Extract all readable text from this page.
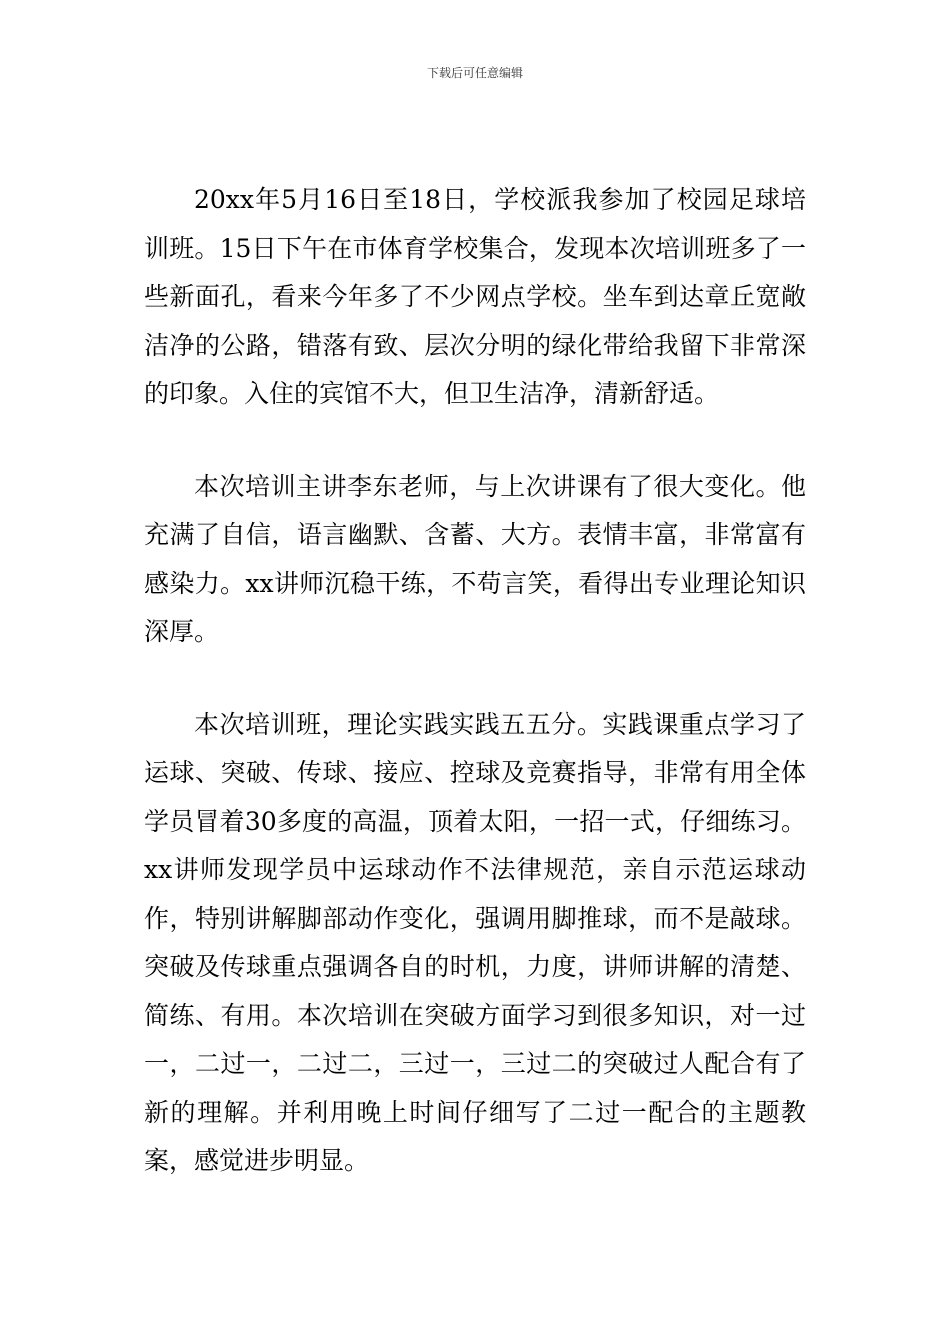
下载后可任意编辑

20xx年5月16日至18日，学校派我参加了校园足球培训班。15日下午在市体育学校集合，发现本次培训班多了一些新面孔，看来今年多了不少网点学校。坐车到达章丘宽敞洁净的公路，错落有致、层次分明的绿化带给我留下非常深的印象。入住的宾馆不大，但卫生洁净，清新舒适。

本次培训主讲李东老师，与上次讲课有了很大变化。他充满了自信，语言幽默、含蓄、大方。表情丰富，非常富有感染力。xx讲师沉稳干练，不苟言笑，看得出专业理论知识深厚。

本次培训班，理论实践实践五五分。实践课重点学习了运球、突破、传球、接应、控球及竞赛指导，非常有用全体学员冒着30多度的高温，顶着太阳，一招一式，仔细练习。xx讲师发现学员中运球动作不法律规范，亲自示范运球动作，特别讲解脚部动作变化，强调用脚推球，而不是敲球。突破及传球重点强调各自的时机，力度，讲师讲解的清楚、简练、有用。本次培训在突破方面学习到很多知识，对一过一，二过一，二过二，三过一，三过二的突破过人配合有了新的理解。并利用晚上时间仔细写了二过一配合的主题教案，感觉进步明显。
